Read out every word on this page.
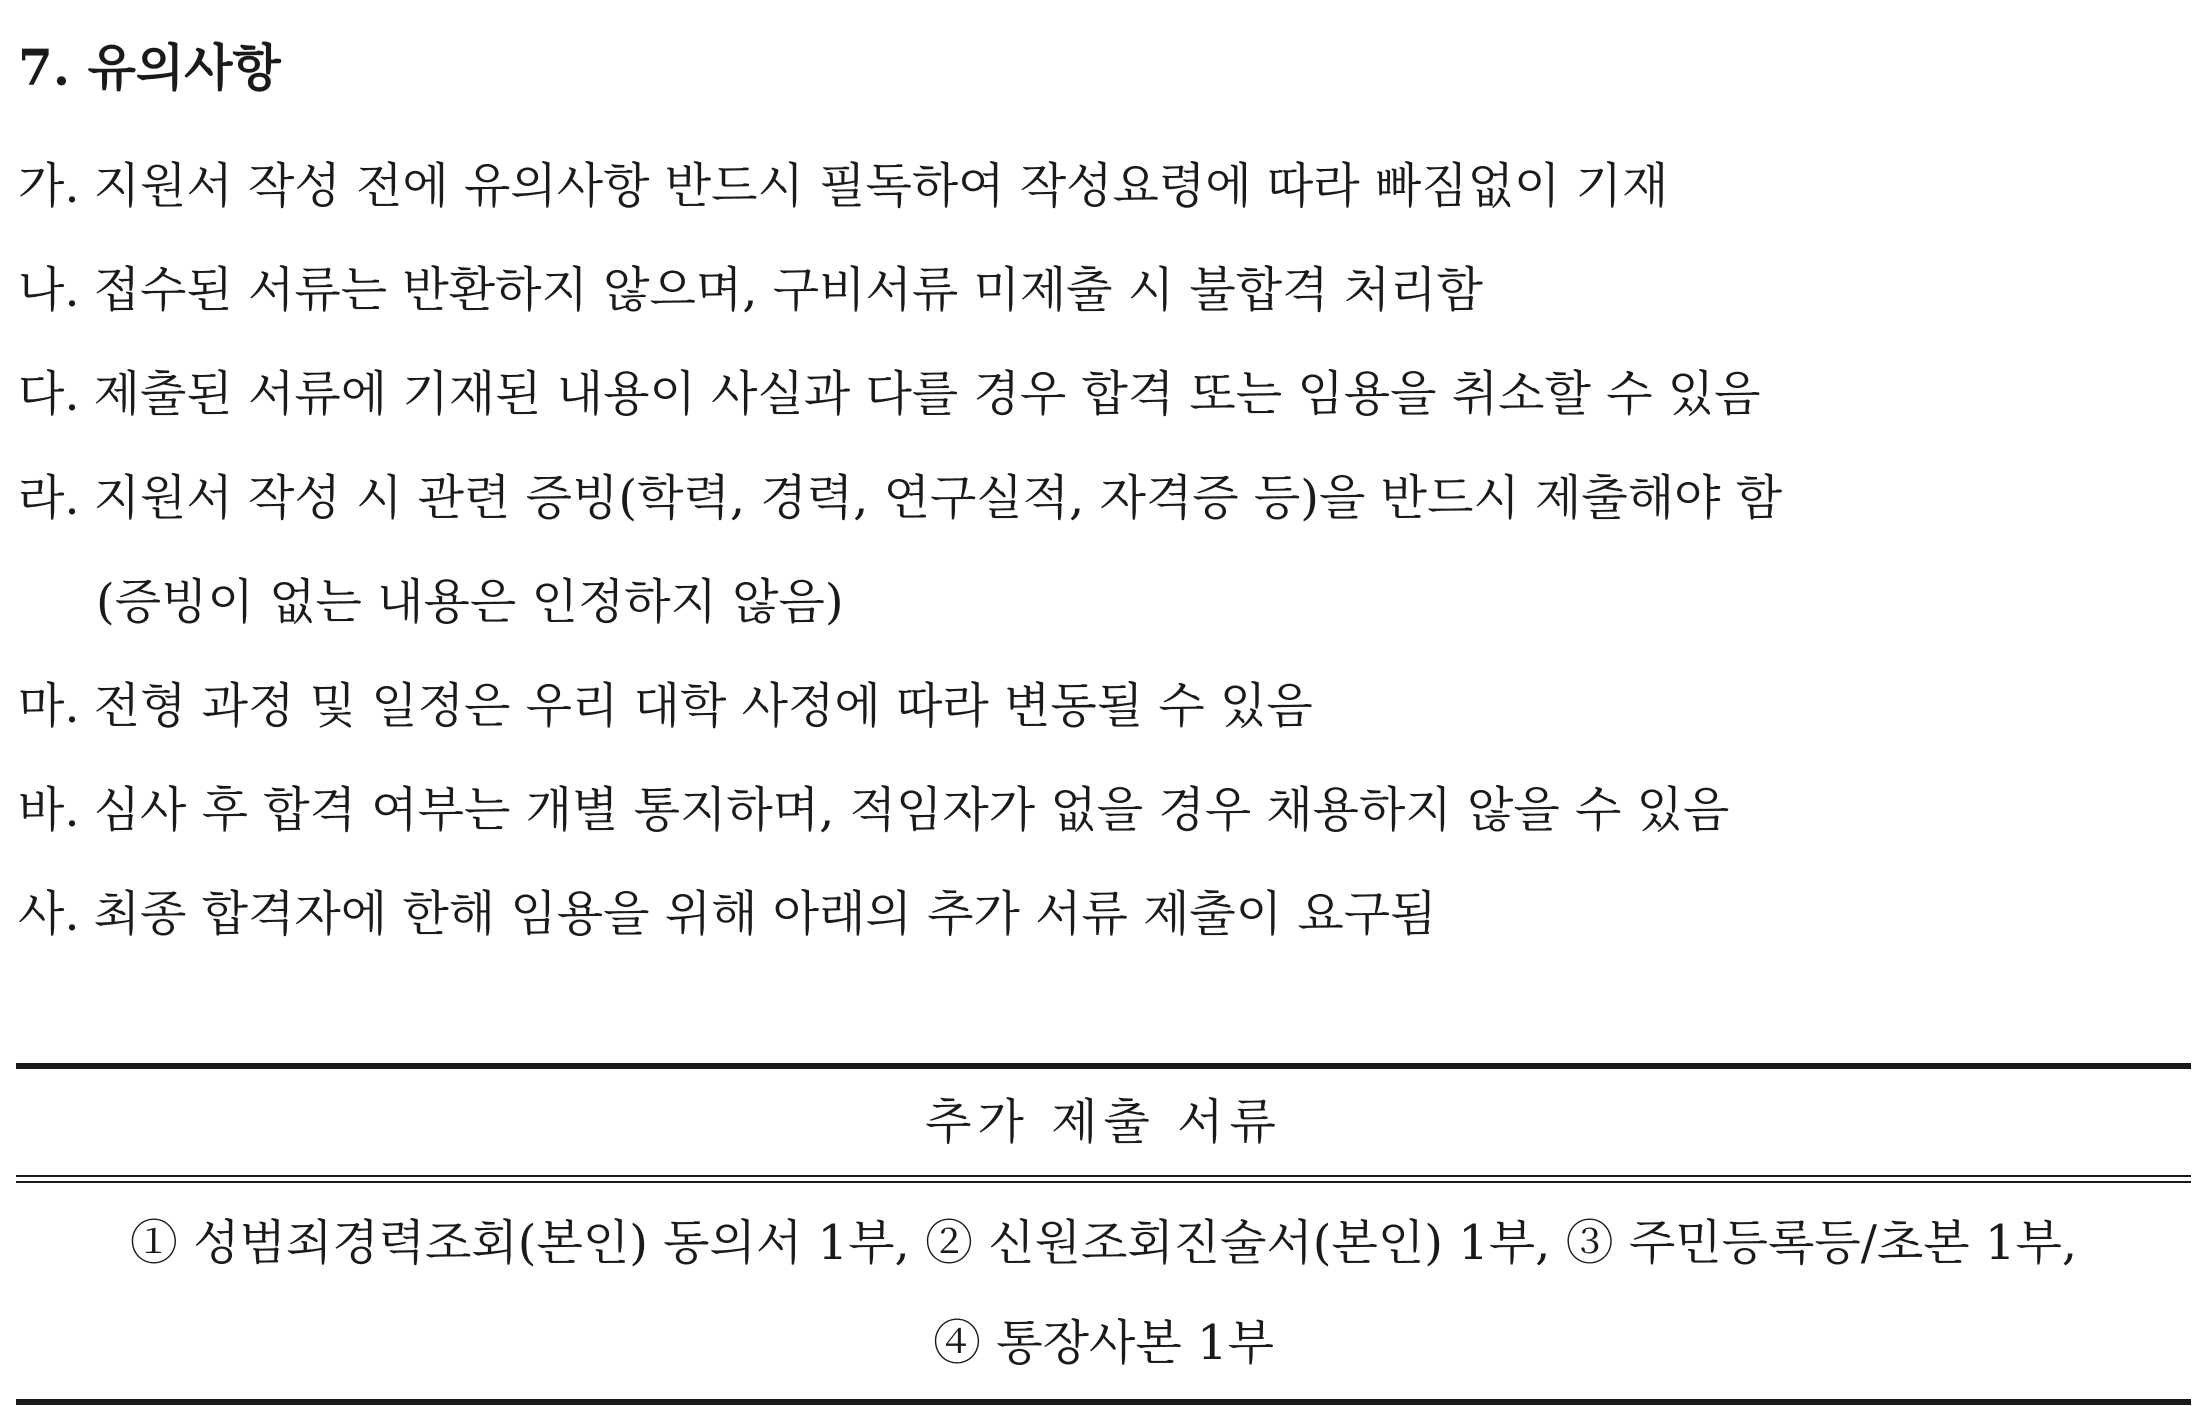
7. 유의사항
가. 지원서 작성 전에 유의사항 반드시 필독하여 작성요령에 따라 빠짐없이 기재
나. 접수된 서류는 반환하지 않으며, 구비서류 미제출 시 불합격 처리함
다. 제출된 서류에 기재된 내용이 사실과 다를 경우 합격 또는 임용을 취소할 수 있음
라. 지원서 작성 시 관련 증빙(학력, 경력, 연구실적, 자격증 등)을 반드시 제출해야 함
(증빙이 없는 내용은 인정하지 않음)
마. 전형 과정 및 일정은 우리 대학 사정에 따라 변동될 수 있음
바. 심사 후 합격 여부는 개별 통지하며, 적임자가 없을 경우 채용하지 않을 수 있음
사. 최종 합격자에 한해 임용을 위해 아래의 추가 서류 제출이 요구됨
추가 제출 서류
① 성범죄경력조회(본인) 동의서 1부, ② 신원조회진술서(본인) 1부, ③ 주민등록등/초본 1부,
④ 통장사본 1부
